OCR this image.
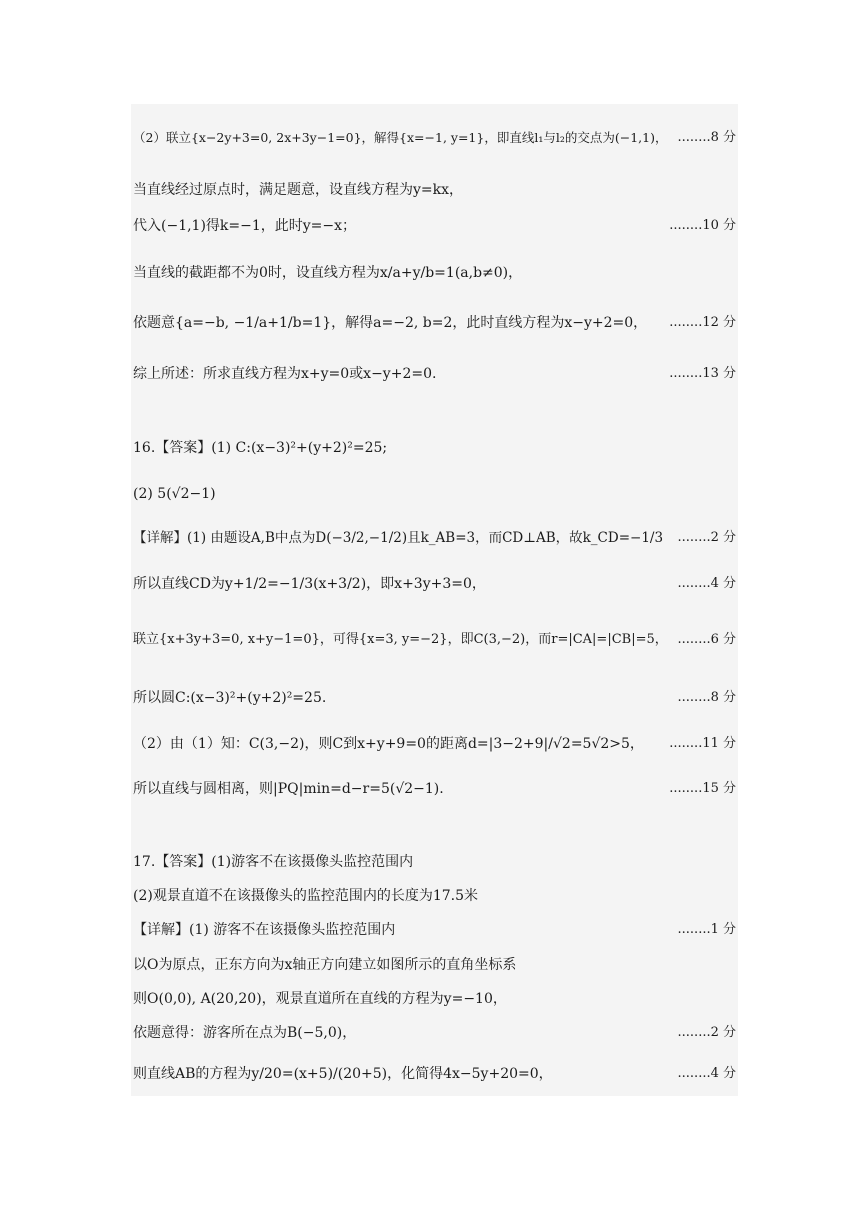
（2）联立{x−2y+3=0, 2x+3y−1=0}，解得{x=−1, y=1}，即直线l₁与l₂的交点为(−1,1)， ........8 分
当直线经过原点时，满足题意，设直线方程为y=kx，
代入(−1,1)得k=−1，此时y=−x；	........10 分
当直线的截距都不为0时，设直线方程为x/a+y/b=1(a,b≠0)，
依题意{a=−b, −1/a+1/b=1}，解得a=−2, b=2，此时直线方程为x−y+2=0， ........12 分
综上所述：所求直线方程为x+y=0或x−y+2=0.	........13 分
16.【答案】(1) C:(x−3)²+(y+2)²=25;
(2) 5(√2−1)
【详解】(1) 由题设A,B中点为D(−3/2,−1/2)且k_AB=3，而CD⊥AB，故k_CD=−1/3 ........2 分
所以直线CD为y+1/2=−1/3(x+3/2)，即x+3y+3=0，	........4 分
联立{x+3y+3=0, x+y−1=0}，可得{x=3, y=−2}，即C(3,−2)，而r=|CA|=|CB|=5， ........6 分
所以圆C:(x−3)²+(y+2)²=25.	........8 分
（2）由（1）知：C(3,−2)，则C到x+y+9=0的距离d=|3−2+9|/√2=5√2>5， ........11 分
所以直线与圆相离，则|PQ|min=d−r=5(√2−1).	........15 分
17.【答案】(1)游客不在该摄像头监控范围内
(2)观景直道不在该摄像头的监控范围内的长度为17.5米
【详解】(1) 游客不在该摄像头监控范围内	........1 分
以O为原点，正东方向为x轴正方向建立如图所示的直角坐标系
则O(0,0), A(20,20)，观景直道所在直线的方程为y=−10，
依题意得：游客所在点为B(−5,0)，	........2 分
则直线AB的方程为y/20=(x+5)/(20+5)，化简得4x−5y+20=0，	........4 分
